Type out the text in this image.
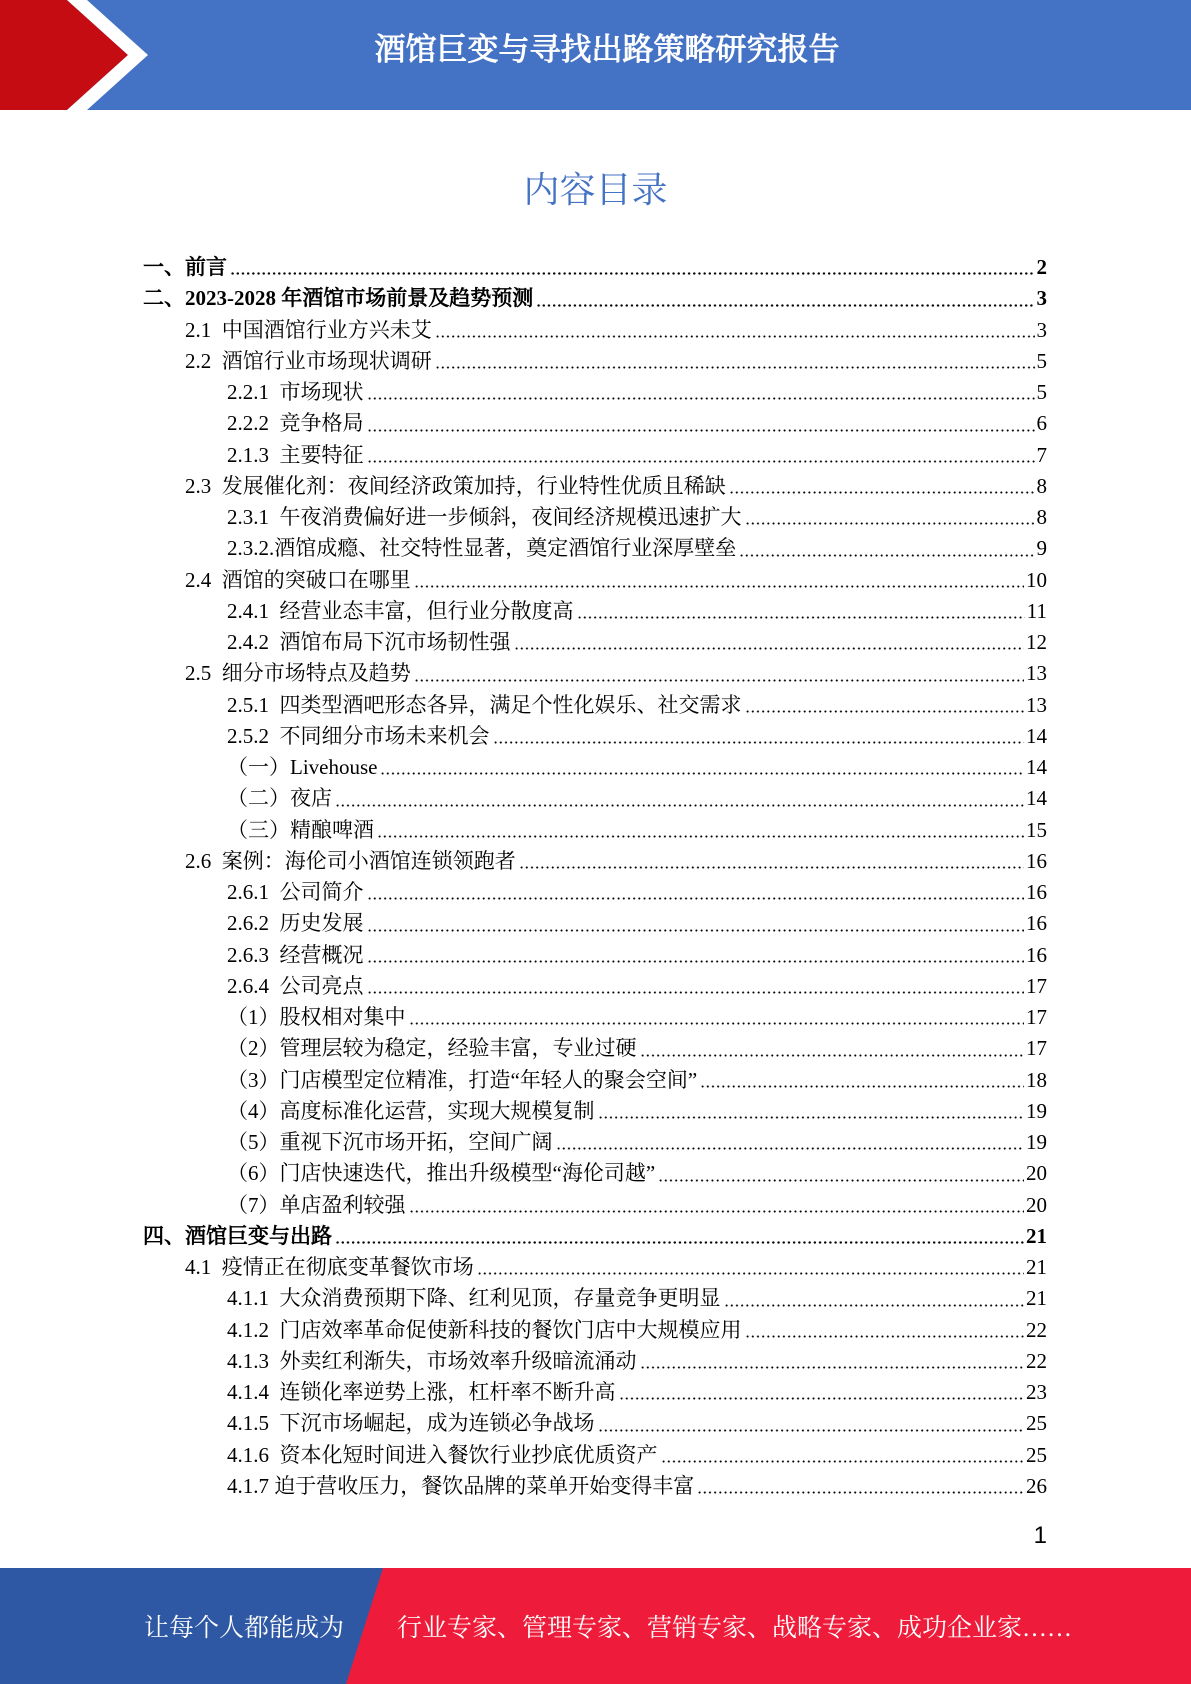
酒馆巨变与寻找出路策略研究报告
内容目录
一、前言	2
二、2023-2028 年酒馆市场前景及趋势预测	3
2.1  中国酒馆行业方兴未艾	3
2.2  酒馆行业市场现状调研	5
2.2.1  市场现状	5
2.2.2  竞争格局	6
2.1.3  主要特征	7
2.3  发展催化剂：夜间经济政策加持，行业特性优质且稀缺	8
2.3.1  午夜消费偏好进一步倾斜，夜间经济规模迅速扩大	8
2.3.2.酒馆成瘾、社交特性显著，奠定酒馆行业深厚壁垒	9
2.4  酒馆的突破口在哪里	10
2.4.1  经营业态丰富，但行业分散度高	11
2.4.2  酒馆布局下沉市场韧性强	12
2.5  细分市场特点及趋势	13
2.5.1  四类型酒吧形态各异，满足个性化娱乐、社交需求	13
2.5.2  不同细分市场未来机会	14
（一）Livehouse	14
（二）夜店	14
（三）精酿啤酒	15
2.6  案例：海伦司小酒馆连锁领跑者	16
2.6.1  公司简介	16
2.6.2  历史发展	16
2.6.3  经营概况	16
2.6.4  公司亮点	17
（1）股权相对集中	17
（2）管理层较为稳定，经验丰富，专业过硬	17
（3）门店模型定位精准，打造“年轻人的聚会空间”	18
（4）高度标准化运营，实现大规模复制	19
（5）重视下沉市场开拓，空间广阔	19
（6）门店快速迭代，推出升级模型“海伦司越”	20
（7）单店盈利较强	20
四、酒馆巨变与出路	21
4.1  疫情正在彻底变革餐饮市场	21
4.1.1  大众消费预期下降、红利见顶，存量竞争更明显	21
4.1.2  门店效率革命促使新科技的餐饮门店中大规模应用	22
4.1.3  外卖红利渐失，市场效率升级暗流涌动	22
4.1.4  连锁化率逆势上涨，杠杆率不断升高	23
4.1.5  下沉市场崛起，成为连锁必争战场	25
4.1.6  资本化短时间进入餐饮行业抄底优质资产	25
4.1.7 迫于营收压力，餐饮品牌的菜单开始变得丰富	26
1
让每个人都能成为 行业专家、管理专家、营销专家、战略专家、成功企业家……
